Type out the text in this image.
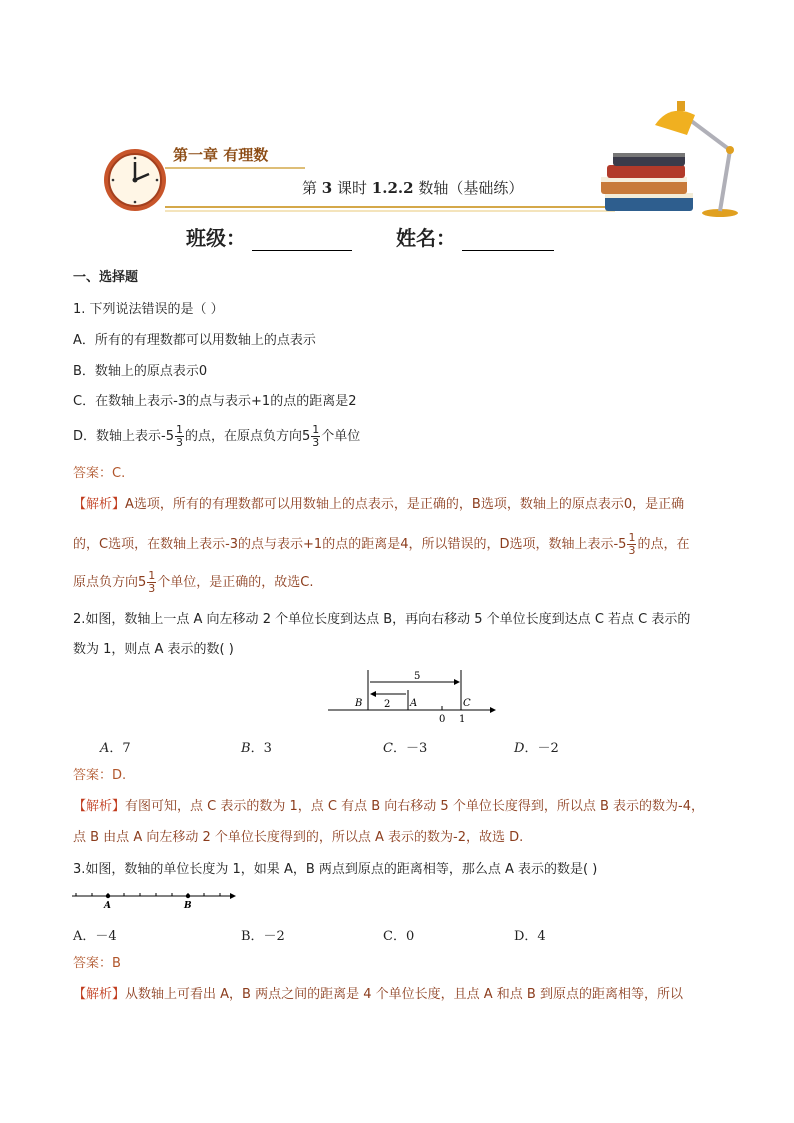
第一章 有理数
第 3 课时 1.2.2 数轴（基础练）
班级：	姓名：
一、选择题
1. 下列说法错误的是（ ）
A．所有的有理数都可以用数轴上的点表示
B．数轴上的原点表示0
C．在数轴上表示-3的点与表示+1的点的距离是2
D．数轴上表示$-5 \frac{1}{3}$ 的点，在原点负方向$5 \frac{1}{3}$ 个单位
答案：C.
【解析】A选项，所有的有理数都可以用数轴上的点表示，是正确的，B选项，数轴上的原点表示0，是正确
的，C选项，在数轴上表示-3的点与表示+1的点的距离是4，所以错误的，D选项，数轴上表示$-5 \frac{1}{3}$ 的点，在
原点负方向$5 \frac{1}{3}$ 个单位，是正确的，故选C.
2.如图，数轴上一点 A 向左移动 2 个单位长度到达点 B，再向右移动 5 个单位长度到达点 C 若点 C 表示的
数为 1，则点 A 表示的数( )
B	A	C
5
2
0 1
A．7	B．3	C．－3	D．－2
答案：D.
【解析】有图可知，点 C 表示的数为 1，点 C 有点 B 向右移动 5 个单位长度得到，所以点 B 表示的数为-4，
点 B 由点 A 向左移动 2 个单位长度得到的，所以点 A 表示的数为-2，故选 D.
3.如图，数轴的单位长度为 1，如果 A，B 两点到原点的距离相等，那么点 A 表示的数是( )
A	B
A．－4	B．－2	C．0	D．4
答案：B
【解析】从数轴上可看出 A，B 两点之间的距离是 4 个单位长度，且点 A 和点 B 到原点的距离相等，所以
